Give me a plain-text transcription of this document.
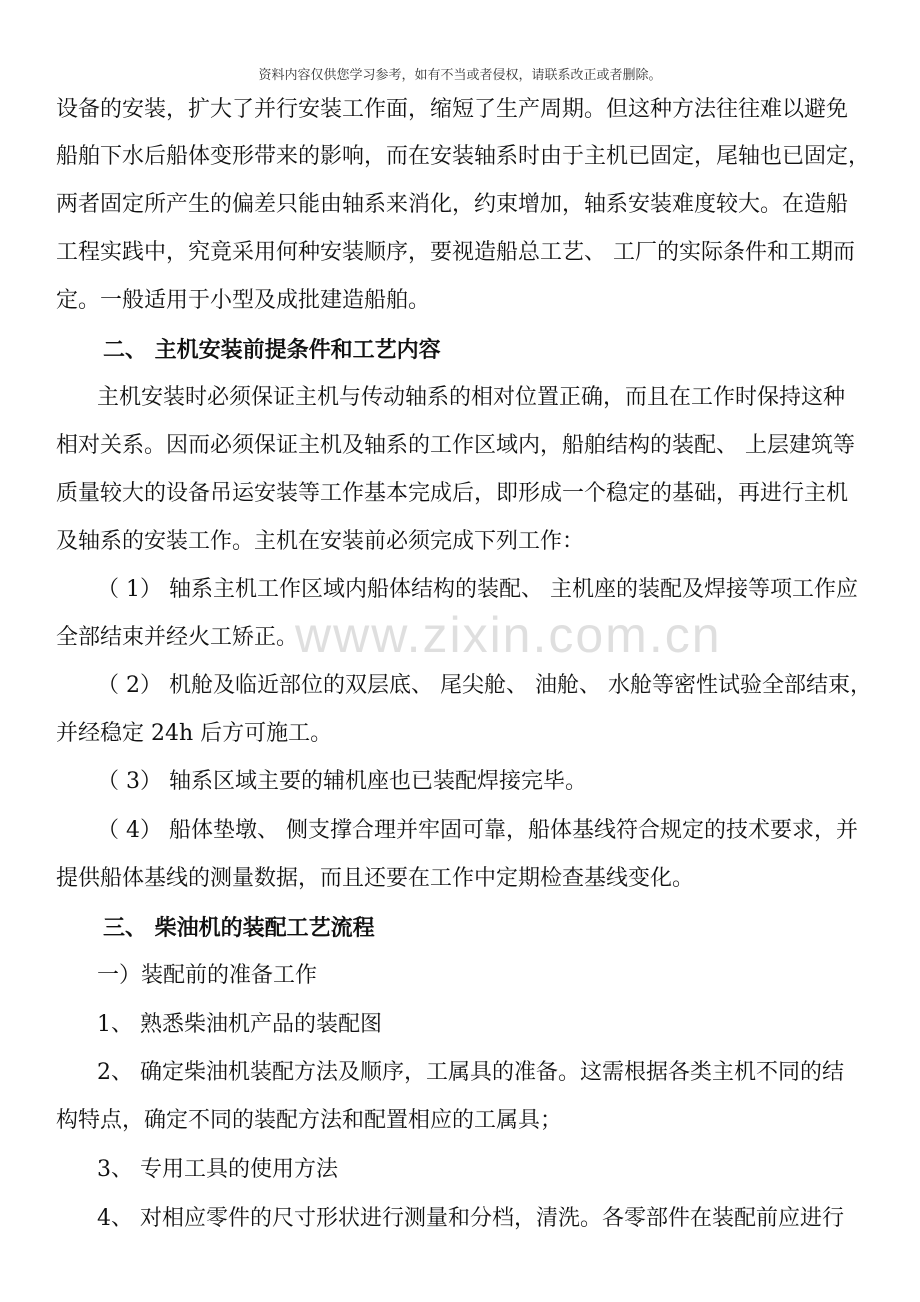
资料内容仅供您学习参考，如有不当或者侵权，请联系改正或者删除。
www.zixin.com.cn
设备的安装，扩大了并行安装工作面，缩短了生产周期。但这种方法往往难以避免
船舶下水后船体变形带来的影响，而在安装轴系时由于主机已固定，尾轴也已固定，
两者固定所产生的偏差只能由轴系来消化，约束增加，轴系安装难度较大。在造船
工程实践中，究竟采用何种安装顺序，要视造船总工艺、 工厂的实际条件和工期而
定。一般适用于小型及成批建造船舶。
二、 主机安装前提条件和工艺内容
主机安装时必须保证主机与传动轴系的相对位置正确，而且在工作时保持这种
相对关系。因而必须保证主机及轴系的工作区域内，船舶结构的装配、 上层建筑等
质量较大的设备吊运安装等工作基本完成后，即形成一个稳定的基础，再进行主机
及轴系的安装工作。主机在安装前必须完成下列工作：
（ 1） 轴系主机工作区域内船体结构的装配、 主机座的装配及焊接等项工作应
全部结束并经火工矫正。
（ 2） 机舱及临近部位的双层底、 尾尖舱、 油舱、 水舱等密性试验全部结束，
并经稳定 24h 后方可施工。
（ 3） 轴系区域主要的辅机座也已装配焊接完毕。
（ 4） 船体垫墩、 侧支撑合理并牢固可靠，船体基线符合规定的技术要求，并
提供船体基线的测量数据，而且还要在工作中定期检查基线变化。
三、 柴油机的装配工艺流程
一）装配前的准备工作
1、 熟悉柴油机产品的装配图
2、 确定柴油机装配方法及顺序，工属具的准备。这需根据各类主机不同的结
构特点，确定不同的装配方法和配置相应的工属具；
3、 专用工具的使用方法
4、 对相应零件的尺寸形状进行测量和分档，清洗。各零部件在装配前应进行
